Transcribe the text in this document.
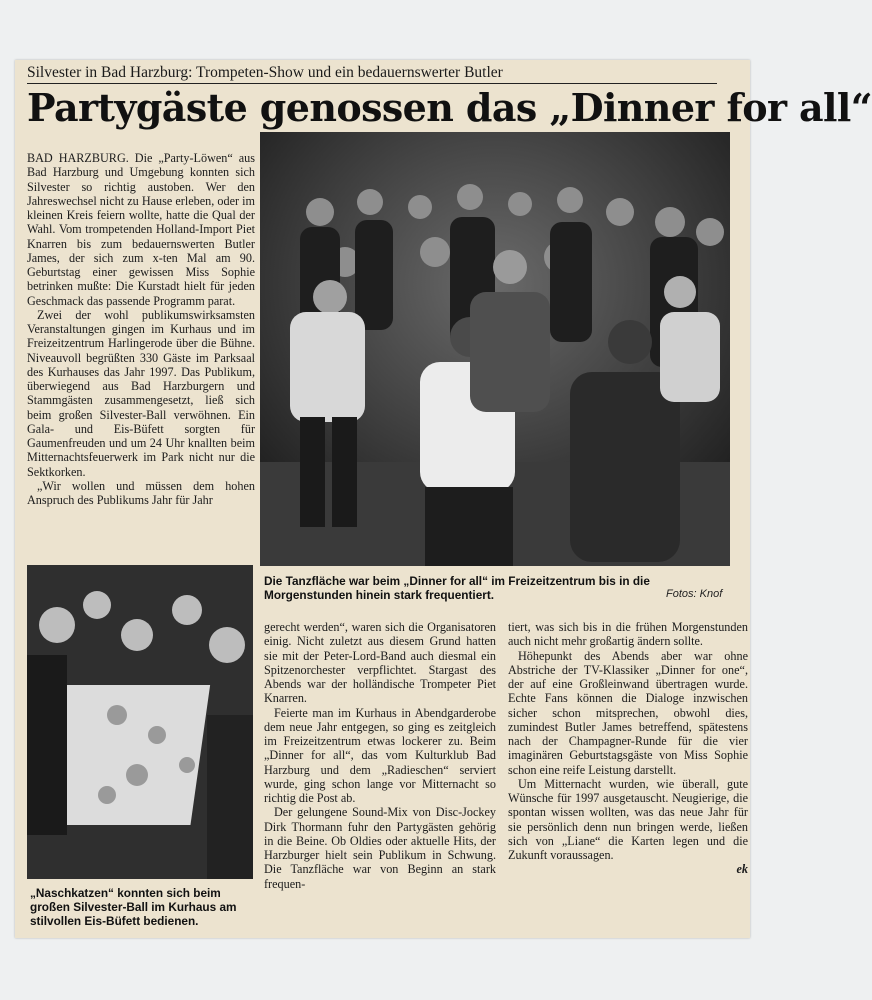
Silvester in Bad Harzburg: Trompeten-Show und ein bedauernswerter Butler
Partygäste genossen das „Dinner for all“

BAD HARZBURG. Die „Party-Löwen“ aus Bad Harzburg und Umgebung konnten sich Silvester so richtig austoben. Wer den Jahreswechsel nicht zu Hause erleben, oder im kleinen Kreis feiern wollte, hatte die Qual der Wahl. Vom trompetenden Holland-Import Piet Knarren bis zum bedauernswerten Butler James, der sich zum x-ten Mal am 90. Geburtstag einer gewissen Miss Sophie betrinken mußte: Die Kurstadt hielt für jeden Geschmack das passende Programm parat.

Zwei der wohl publikumswirksamsten Veranstaltungen gingen im Kurhaus und im Freizeitzentrum Harlingerode über die Bühne. Niveauvoll begrüßten 330 Gäste im Parksaal des Kurhauses das Jahr 1997. Das Publikum, überwiegend aus Bad Harzburgern und Stammgästen zusammengesetzt, ließ sich beim großen Silvester-Ball verwöhnen. Ein Gala- und Eis-Büfett sorgten für Gaumenfreuden und um 24 Uhr knallten beim Mitternachtsfeuerwerk im Park nicht nur die Sektkorken.

„Wir wollen und müssen dem hohen Anspruch des Publikums Jahr für Jahr

Die Tanzfläche war beim „Dinner for all“ im Freizeitzentrum bis in die Morgenstunden hinein stark frequentiert.	Fotos: Knof
„Naschkatzen“ konnten sich beim großen Silvester-Ball im Kurhaus am stilvollen Eis-Büfett bedienen.

gerecht werden“, waren sich die Organisatoren einig. Nicht zuletzt aus diesem Grund hatten sie mit der Peter-Lord-Band auch diesmal ein Spitzenorchester verpflichtet. Stargast des Abends war der holländische Trompeter Piet Knarren.

Feierte man im Kurhaus in Abendgarderobe dem neue Jahr entgegen, so ging es zeitgleich im Freizeitzentrum etwas lockerer zu. Beim „Dinner for all“, das vom Kulturklub Bad Harzburg und dem „Radieschen“ serviert wurde, ging schon lange vor Mitternacht so richtig die Post ab.

Der gelungene Sound-Mix von Disc-Jockey Dirk Thormann fuhr den Partygästen gehörig in die Beine. Ob Oldies oder aktuelle Hits, der Harzburger hielt sein Publikum in Schwung. Die Tanzfläche war von Beginn an stark frequen-

tiert, was sich bis in die frühen Morgenstunden auch nicht mehr großartig ändern sollte.

Höhepunkt des Abends aber war ohne Abstriche der TV-Klassiker „Dinner for one“, der auf eine Großleinwand übertragen wurde. Echte Fans können die Dialoge inzwischen sicher schon mitsprechen, obwohl dies, zumindest Butler James betreffend, spätestens nach der Champagner-Runde für die vier imaginären Geburtstagsgäste von Miss Sophie schon eine reife Leistung darstellt.

Um Mitternacht wurden, wie überall, gute Wünsche für 1997 ausgetauscht. Neugierige, die spontan wissen wollten, was das neue Jahr für sie persönlich denn nun bringen werde, ließen sich von „Liane“ die Karten legen und die Zukunft voraussagen.

ek
